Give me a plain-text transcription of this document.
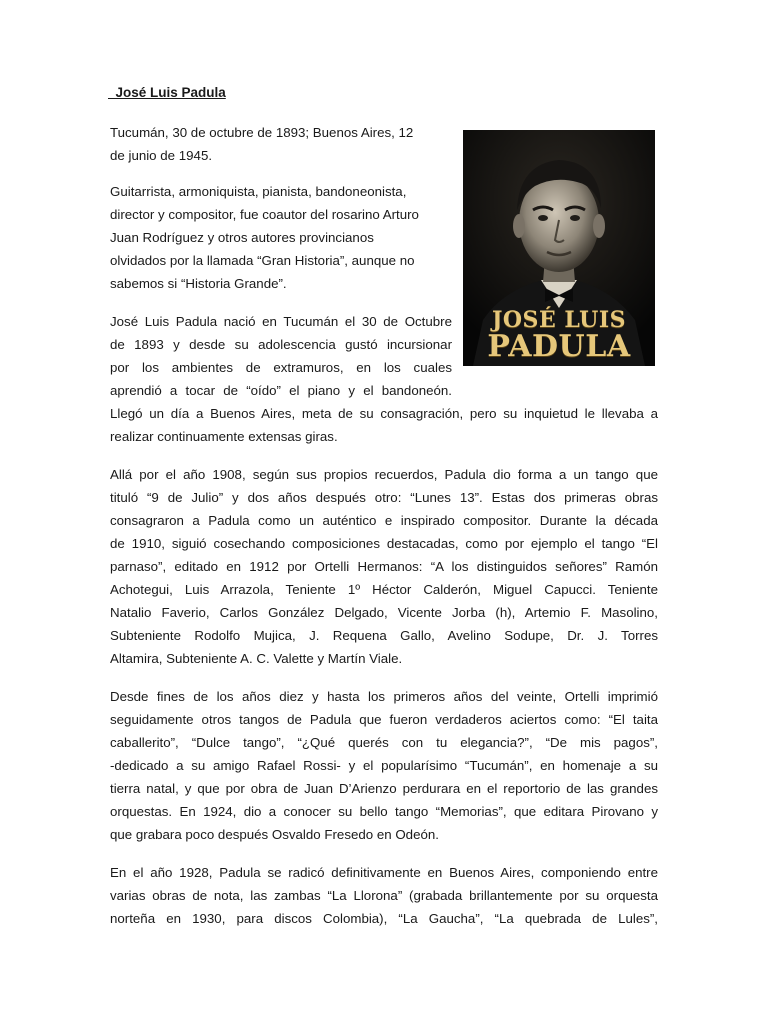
José Luis Padula

Tucumán, 30 de octubre de 1893; Buenos Aires, 12
de junio de 1945.

Guitarrista, armoniquista, pianista, bandoneonista,
director y compositor, fue coautor del rosarino Arturo
Juan Rodríguez y otros autores provincianos
olvidados por la llamada “Gran Historia”, aunque no
sabemos si “Historia Grande”.

José Luis Padula nació en Tucumán el 30 de Octubre
de 1893 y desde su adolescencia gustó incursionar
por los ambientes de extramuros, en los cuales
aprendió a tocar de “oído” el piano y el bandoneón.

Llegó un día a Buenos Aires, meta de su consagración, pero su inquietud le llevaba a
realizar continuamente extensas giras.

Allá por el año 1908, según sus propios recuerdos, Padula dio forma a un tango que
tituló “9 de Julio” y dos años después otro: “Lunes 13”. Estas dos primeras obras
consagraron a Padula como un auténtico e inspirado compositor. Durante la década
de 1910, siguió cosechando composiciones destacadas, como por ejemplo el tango “El
parnaso”, editado en 1912 por Ortelli Hermanos: “A los distinguidos señores” Ramón
Achotegui, Luis Arrazola, Teniente 1º Héctor Calderón, Miguel Capucci. Teniente
Natalio Faverio, Carlos González Delgado, Vicente Jorba (h), Artemio F. Masolino,
Subteniente Rodolfo Mujica, J. Requena Gallo, Avelino Sodupe, Dr. J. Torres
Altamira, Subteniente A. C. Valette y Martín Viale.

Desde fines de los años diez y hasta los primeros años del veinte, Ortelli imprimió
seguidamente otros tangos de Padula que fueron verdaderos aciertos como: “El taita
caballerito”, “Dulce tango”, “¿Qué querés con tu elegancia?”, “De mis pagos”,
-dedicado a su amigo Rafael Rossi- y el popularísimo “Tucumán”, en homenaje a su
tierra natal, y que por obra de Juan D’Arienzo perdurara en el reportorio de las grandes
orquestas. En 1924, dio a conocer su bello tango “Memorias”, que editara Pirovano y
que grabara poco después Osvaldo Fresedo en Odeón.

En el año 1928, Padula se radicó definitivamente en Buenos Aires, componiendo entre
varias obras de nota, las zambas “La Llorona” (grabada brillantemente por su orquesta
norteña en 1930, para discos Colombia), “La Gaucha”, “La quebrada de Lules”,

JOSÉ LUIS
PADULA
